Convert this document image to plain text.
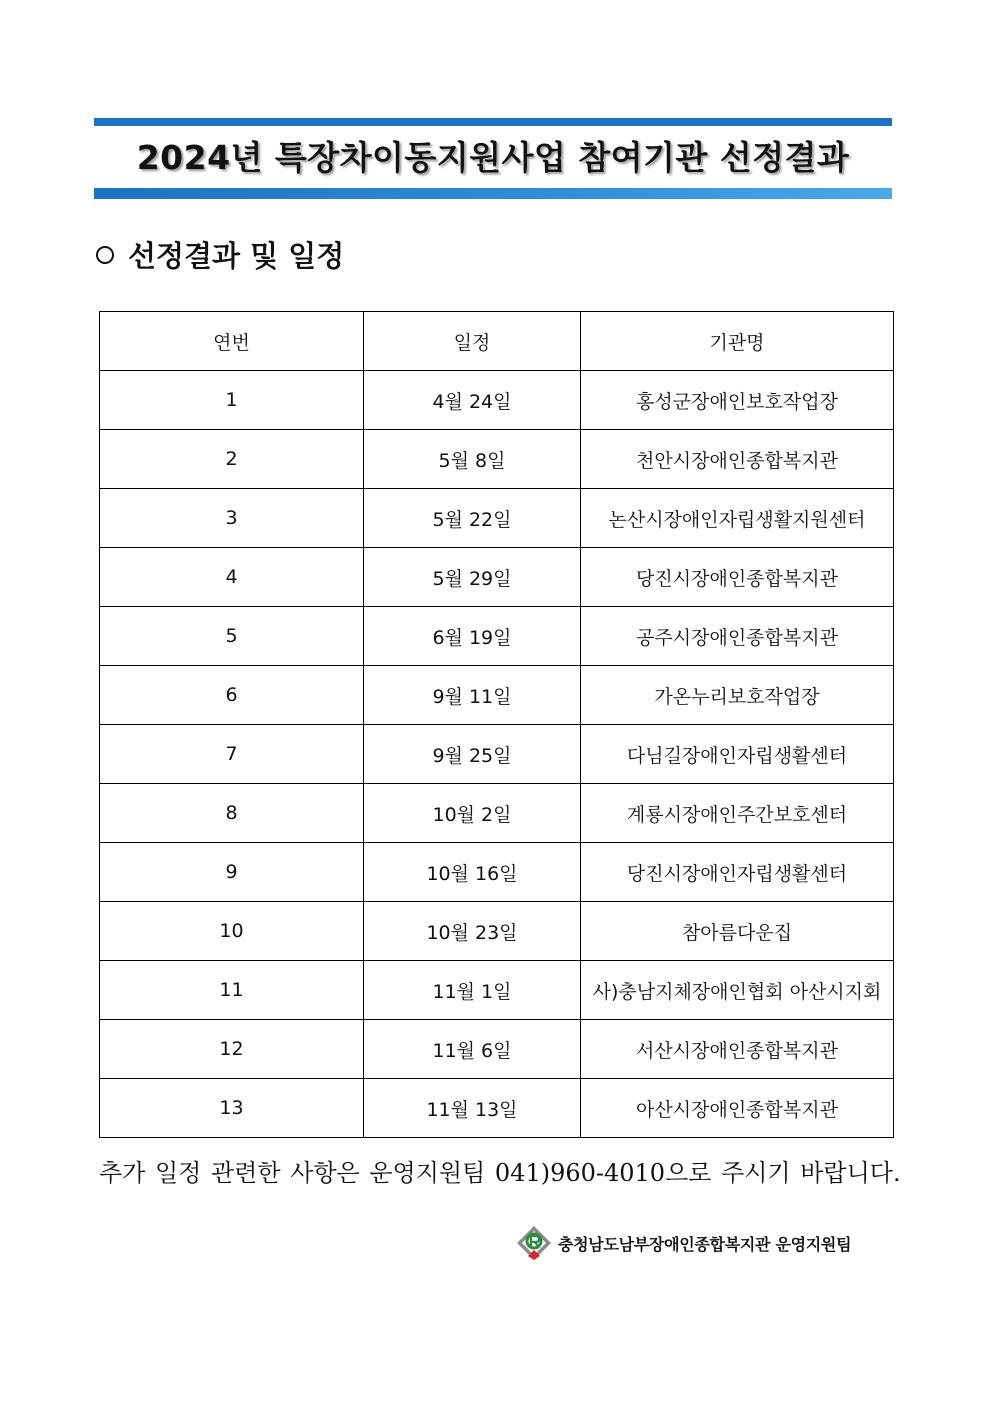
2024년 특장차이동지원사업 참여기관 선정결과
선정결과 및 일정
연번	일정	기관명
1	4월 24일	홍성군장애인보호작업장
2	5월 8일	천안시장애인종합복지관
3	5월 22일	논산시장애인자립생활지원센터
4	5월 29일	당진시장애인종합복지관
5	6월 19일	공주시장애인종합복지관
6	9월 11일	가온누리보호작업장
7	9월 25일	다님길장애인자립생활센터
8	10월 2일	계룡시장애인주간보호센터
9	10월 16일	당진시장애인자립생활센터
10	10월 23일	참아름다운집
11	11월 1일	사)충남지체장애인협회 아산시지회
12	11월 6일	서산시장애인종합복지관
13	11월 13일	아산시장애인종합복지관
추가 일정 관련한 사항은 운영지원팀 041)960-4010으로 주시기 바랍니다.
충청남도남부장애인종합복지관 운영지원팀
